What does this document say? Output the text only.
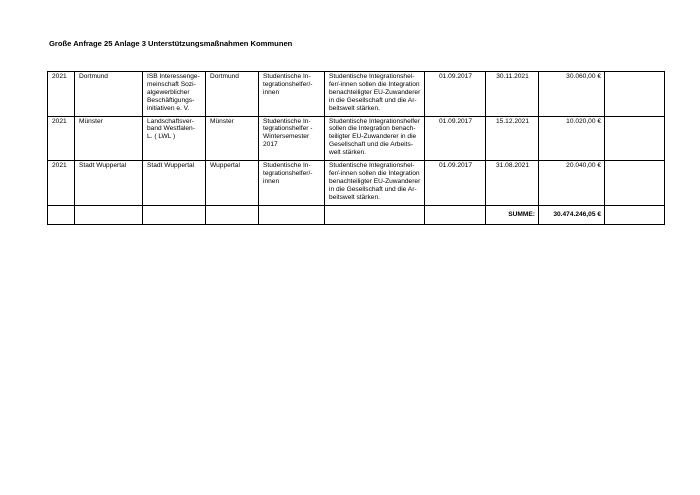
Große Anfrage 25 Anlage 3 Unterstützungsmaßnahmen Kommunen
2021	Dortmund	ISB Interessenge-
meinschaft Sozi-
algewerblicher
Beschäftigungs-
initiativen e. V.	Dortmund	Studentische In-
tegrationshelfer/-
innen	Studentische Integrationshel-
fer/-innen sollen die Integration
benachteiligter EU-Zuwanderer
in die Gesellschaft und die Ar-
beitswelt stärken.	01.09.2017	30.11.2021	30.060,00 €	
2021	Münster	Landschaftsver-
band Westfalen-
L. ( LWL )	Münster	Studentische In-
tegrationshelfer -
Wintersemester
2017	Studentische Integrationshelfer
sollen die Integration benach-
teiligter EU-Zuwanderer in die
Gesellschaft und die Arbeits-
welt stärken.	01.09.2017	15.12.2021	10.020,00 €	
2021	Stadt Wuppertal	Stadt Wuppertal	Wuppertal	Studentische In-
tegrationshelfer/-
innen	Studentische Integrationshel-
fer/-innen sollen die Integration
benachteiligter EU-Zuwanderer
in die Gesellschaft und die Ar-
beitswelt stärken.	01.09.2017	31.08.2021	20.040,00 €	
							SUMME:	30.474.246,05 €	
